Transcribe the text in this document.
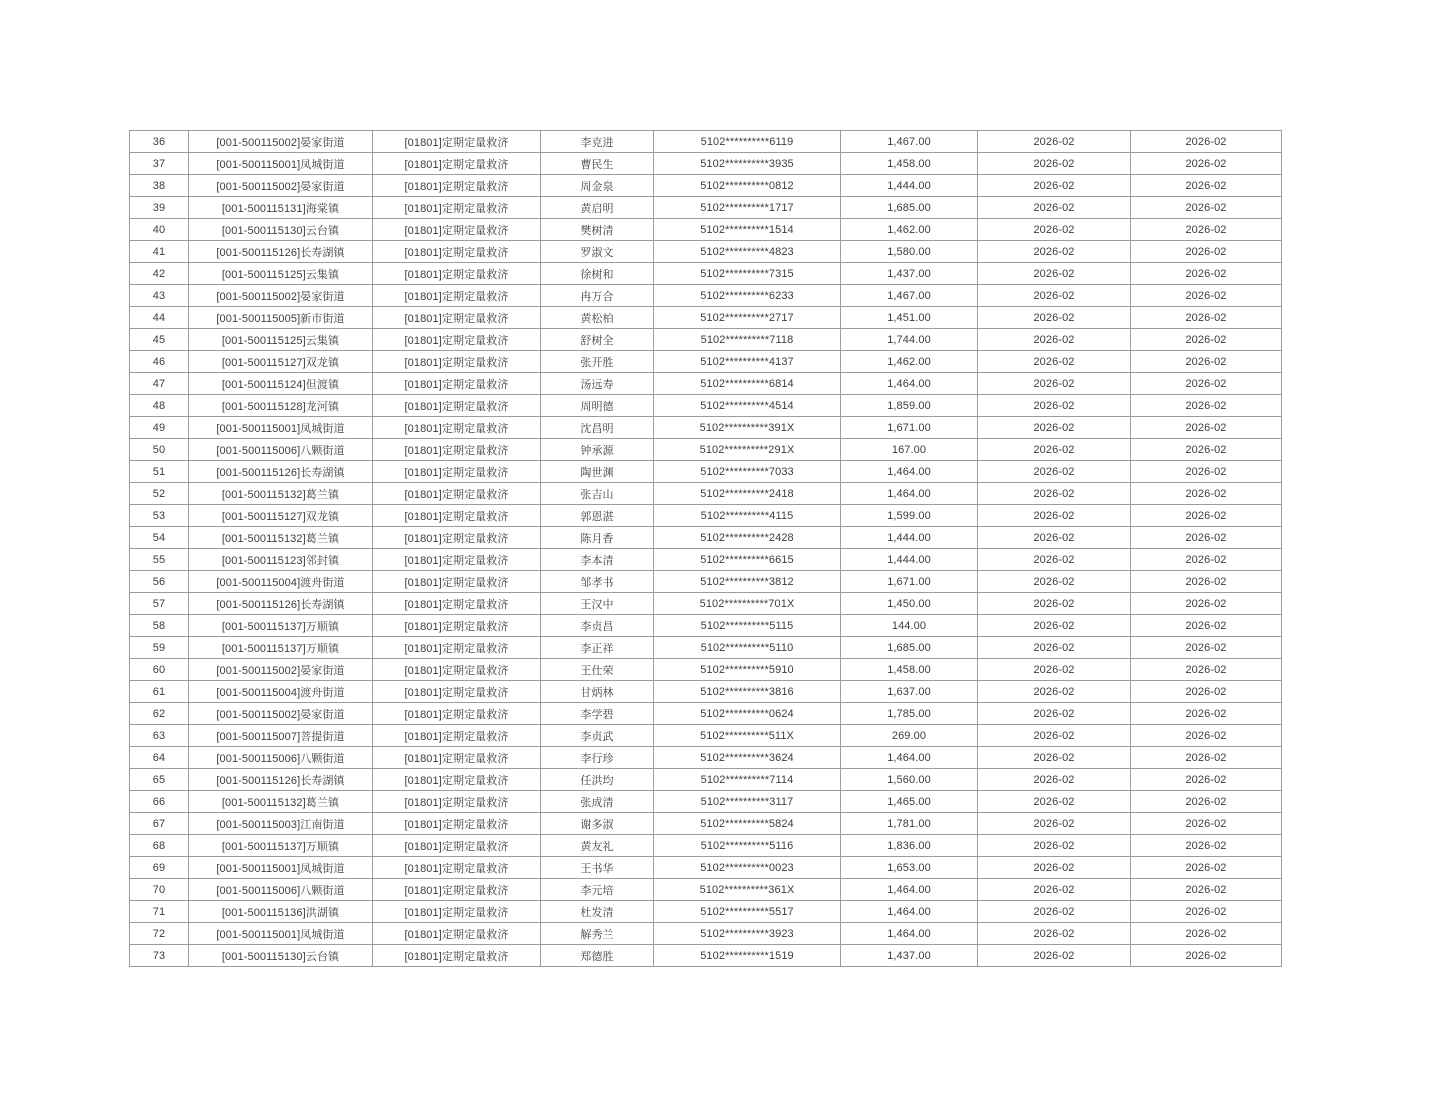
36	[001-500115002]晏家街道	[01801]定期定量救济	李克进	5102**********6119	1,467.00	2026-02	2026-02
37	[001-500115001]凤城街道	[01801]定期定量救济	曹民生	5102**********3935	1,458.00	2026-02	2026-02
38	[001-500115002]晏家街道	[01801]定期定量救济	周金泉	5102**********0812	1,444.00	2026-02	2026-02
39	[001-500115131]海棠镇	[01801]定期定量救济	黄启明	5102**********1717	1,685.00	2026-02	2026-02
40	[001-500115130]云台镇	[01801]定期定量救济	樊树清	5102**********1514	1,462.00	2026-02	2026-02
41	[001-500115126]长寿湖镇	[01801]定期定量救济	罗淑文	5102**********4823	1,580.00	2026-02	2026-02
42	[001-500115125]云集镇	[01801]定期定量救济	徐树和	5102**********7315	1,437.00	2026-02	2026-02
43	[001-500115002]晏家街道	[01801]定期定量救济	冉万合	5102**********6233	1,467.00	2026-02	2026-02
44	[001-500115005]新市街道	[01801]定期定量救济	黄松柏	5102**********2717	1,451.00	2026-02	2026-02
45	[001-500115125]云集镇	[01801]定期定量救济	舒树全	5102**********7118	1,744.00	2026-02	2026-02
46	[001-500115127]双龙镇	[01801]定期定量救济	张开胜	5102**********4137	1,462.00	2026-02	2026-02
47	[001-500115124]但渡镇	[01801]定期定量救济	汤远寿	5102**********6814	1,464.00	2026-02	2026-02
48	[001-500115128]龙河镇	[01801]定期定量救济	周明德	5102**********4514	1,859.00	2026-02	2026-02
49	[001-500115001]凤城街道	[01801]定期定量救济	沈昌明	5102**********391X	1,671.00	2026-02	2026-02
50	[001-500115006]八颗街道	[01801]定期定量救济	钟承源	5102**********291X	167.00	2026-02	2026-02
51	[001-500115126]长寿湖镇	[01801]定期定量救济	陶世渊	5102**********7033	1,464.00	2026-02	2026-02
52	[001-500115132]葛兰镇	[01801]定期定量救济	张吉山	5102**********2418	1,464.00	2026-02	2026-02
53	[001-500115127]双龙镇	[01801]定期定量救济	郭恩湛	5102**********4115	1,599.00	2026-02	2026-02
54	[001-500115132]葛兰镇	[01801]定期定量救济	陈月香	5102**********2428	1,444.00	2026-02	2026-02
55	[001-500115123]邻封镇	[01801]定期定量救济	李本清	5102**********6615	1,444.00	2026-02	2026-02
56	[001-500115004]渡舟街道	[01801]定期定量救济	邹孝书	5102**********3812	1,671.00	2026-02	2026-02
57	[001-500115126]长寿湖镇	[01801]定期定量救济	王汉中	5102**********701X	1,450.00	2026-02	2026-02
58	[001-500115137]万顺镇	[01801]定期定量救济	李贞昌	5102**********5115	144.00	2026-02	2026-02
59	[001-500115137]万顺镇	[01801]定期定量救济	李正祥	5102**********5110	1,685.00	2026-02	2026-02
60	[001-500115002]晏家街道	[01801]定期定量救济	王仕荣	5102**********5910	1,458.00	2026-02	2026-02
61	[001-500115004]渡舟街道	[01801]定期定量救济	甘炳林	5102**********3816	1,637.00	2026-02	2026-02
62	[001-500115002]晏家街道	[01801]定期定量救济	李学碧	5102**********0624	1,785.00	2026-02	2026-02
63	[001-500115007]菩提街道	[01801]定期定量救济	李贞武	5102**********511X	269.00	2026-02	2026-02
64	[001-500115006]八颗街道	[01801]定期定量救济	李行珍	5102**********3624	1,464.00	2026-02	2026-02
65	[001-500115126]长寿湖镇	[01801]定期定量救济	任洪均	5102**********7114	1,560.00	2026-02	2026-02
66	[001-500115132]葛兰镇	[01801]定期定量救济	张成清	5102**********3117	1,465.00	2026-02	2026-02
67	[001-500115003]江南街道	[01801]定期定量救济	谢多淑	5102**********5824	1,781.00	2026-02	2026-02
68	[001-500115137]万顺镇	[01801]定期定量救济	黄友礼	5102**********5116	1,836.00	2026-02	2026-02
69	[001-500115001]凤城街道	[01801]定期定量救济	王书华	5102**********0023	1,653.00	2026-02	2026-02
70	[001-500115006]八颗街道	[01801]定期定量救济	李元培	5102**********361X	1,464.00	2026-02	2026-02
71	[001-500115136]洪湖镇	[01801]定期定量救济	杜发清	5102**********5517	1,464.00	2026-02	2026-02
72	[001-500115001]凤城街道	[01801]定期定量救济	解秀兰	5102**********3923	1,464.00	2026-02	2026-02
73	[001-500115130]云台镇	[01801]定期定量救济	郑德胜	5102**********1519	1,437.00	2026-02	2026-02
